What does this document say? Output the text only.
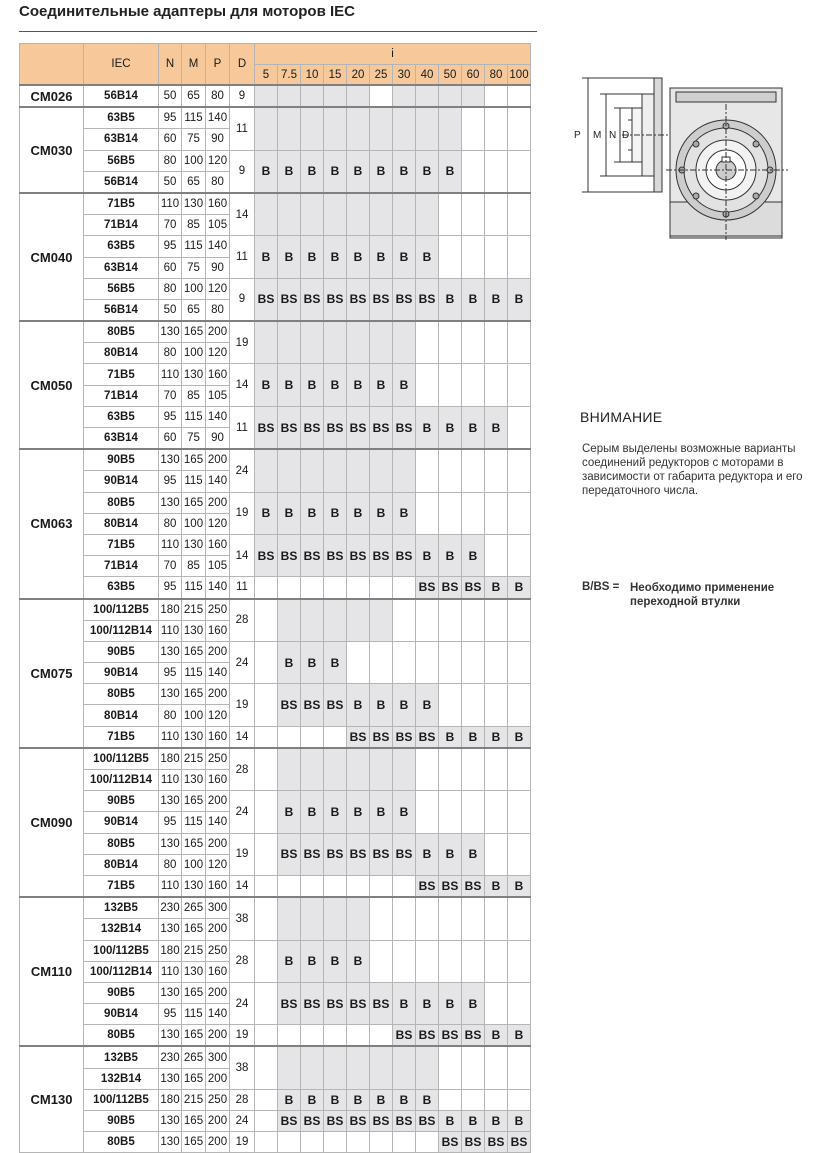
Соединительные адаптеры для моторов IEC
	IEC	N	M	P	D	i											
						5	7.5	10	15	20	25	30	40	50	60	80	100
CM026	56B14	50	65	80	9												
CM030	63B5	95	115	140	11												
	63B14	60	75	90													
	56B5	80	100	120	9	B	B	B	B	B	B	B	B	B			
	56B14	50	65	80													
CM040	71B5	110	130	160	14												
	71B14	70	85	105													
	63B5	95	115	140	11	B	B	B	B	B	B	B	B				
	63B14	60	75	90													
	56B5	80	100	120	9	BS	BS	BS	BS	BS	BS	BS	BS	B	B	B	B
	56B14	50	65	80													
CM050	80B5	130	165	200	19												
	80B14	80	100	120													
	71B5	110	130	160	14	B	B	B	B	B	B	B					
	71B14	70	85	105													
	63B5	95	115	140	11	BS	BS	BS	BS	BS	BS	BS	B	B	B	B	
	63B14	60	75	90													
CM063	90B5	130	165	200	24												
	90B14	95	115	140													
	80B5	130	165	200	19	B	B	B	B	B	B	B					
	80B14	80	100	120													
	71B5	110	130	160	14	BS	BS	BS	BS	BS	BS	BS	B	B	B		
	71B14	70	85	105													
	63B5	95	115	140	11								BS	BS	BS	B	B
CM075	100/112B5	180	215	250	28												
	100/112B14	110	130	160													
	90B5	130	165	200	24		B	B	B								
	90B14	95	115	140													
	80B5	130	165	200	19		BS	BS	BS	B	B	B	B				
	80B14	80	100	120													
	71B5	110	130	160	14					BS	BS	BS	BS	B	B	B	B
CM090	100/112B5	180	215	250	28												
	100/112B14	110	130	160													
	90B5	130	165	200	24		B	B	B	B	B	B					
	90B14	95	115	140													
	80B5	130	165	200	19		BS	BS	BS	BS	BS	BS	B	B	B		
	80B14	80	100	120													
	71B5	110	130	160	14								BS	BS	BS	B	B
CM110	132B5	230	265	300	38												
	132B14	130	165	200													
	100/112B5	180	215	250	28		B	B	B	B							
	100/112B14	110	130	160													
	90B5	130	165	200	24		BS	BS	BS	BS	BS	B	B	B	B		
	90B14	95	115	140													
	80B5	130	165	200	19							BS	BS	BS	BS	B	B
CM130	132B5	230	265	300	38												
	132B14	130	165	200													
	100/112B5	180	215	250	28		B	B	B	B	B	B	B				
	90B5	130	165	200	24		BS	BS	BS	BS	BS	BS	BS	B	B	B	B
	80B5	130	165	200	19									BS	BS	BS	BS
P M N D
ВНИМАНИЕ
Серым выделены возможные варианты соединений редукторов с моторами в зависимости от габарита редуктора и его передаточного числа.
B/BS = Необходимо применение переходной втулки
